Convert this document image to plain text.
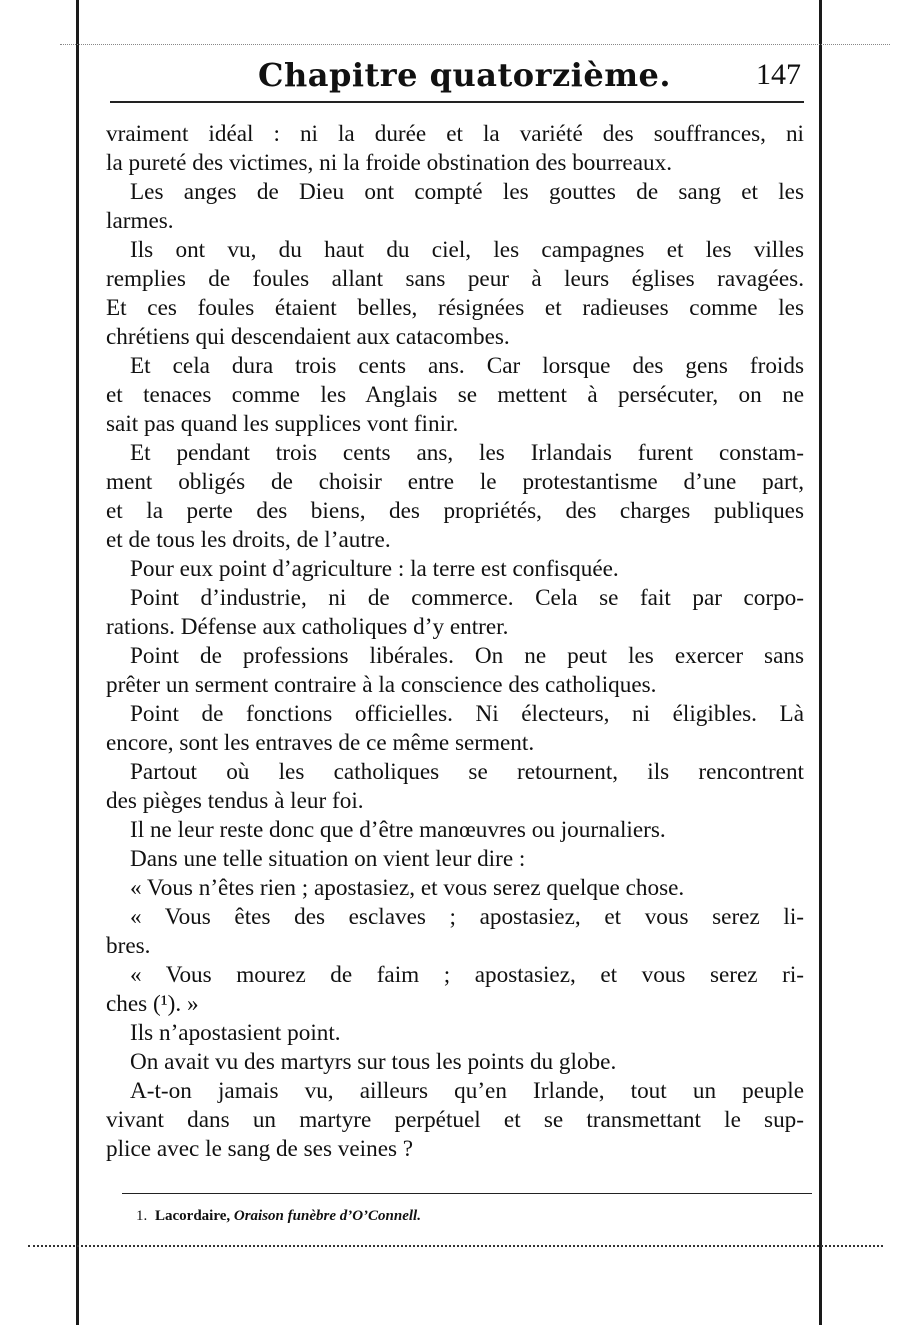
Chapitre quatorzième.	147
vraiment idéal : ni la durée et la variété des souffrances, ni
la pureté des victimes, ni la froide obstination des bourreaux.
Les anges de Dieu ont compté les gouttes de sang et les
larmes.
Ils ont vu, du haut du ciel, les campagnes et les villes
remplies de foules allant sans peur à leurs églises ravagées.
Et ces foules étaient belles, résignées et radieuses comme les
chrétiens qui descendaient aux catacombes.
Et cela dura trois cents ans. Car lorsque des gens froids
et tenaces comme les Anglais se mettent à persécuter, on ne
sait pas quand les supplices vont finir.
Et pendant trois cents ans, les Irlandais furent constam-
ment obligés de choisir entre le protestantisme d’une part,
et la perte des biens, des propriétés, des charges publiques
et de tous les droits, de l’autre.
Pour eux point d’agriculture : la terre est confisquée.
Point d’industrie, ni de commerce. Cela se fait par corpo-
rations. Défense aux catholiques d’y entrer.
Point de professions libérales. On ne peut les exercer sans
prêter un serment contraire à la conscience des catholiques.
Point de fonctions officielles. Ni électeurs, ni éligibles. Là
encore, sont les entraves de ce même serment.
Partout où les catholiques se retournent, ils rencontrent
des pièges tendus à leur foi.
Il ne leur reste donc que d’être manœuvres ou journaliers.
Dans une telle situation on vient leur dire :
« Vous n’êtes rien ; apostasiez, et vous serez quelque chose.
« Vous êtes des esclaves ; apostasiez, et vous serez li-
bres.
« Vous mourez de faim ; apostasiez, et vous serez ri-
ches (¹). »
Ils n’apostasient point.
On avait vu des martyrs sur tous les points du globe.
A-t-on jamais vu, ailleurs qu’en Irlande, tout un peuple
vivant dans un martyre perpétuel et se transmettant le sup-
plice avec le sang de ses veines ?
1. Lacordaire, Oraison funèbre d’O’Connell.
